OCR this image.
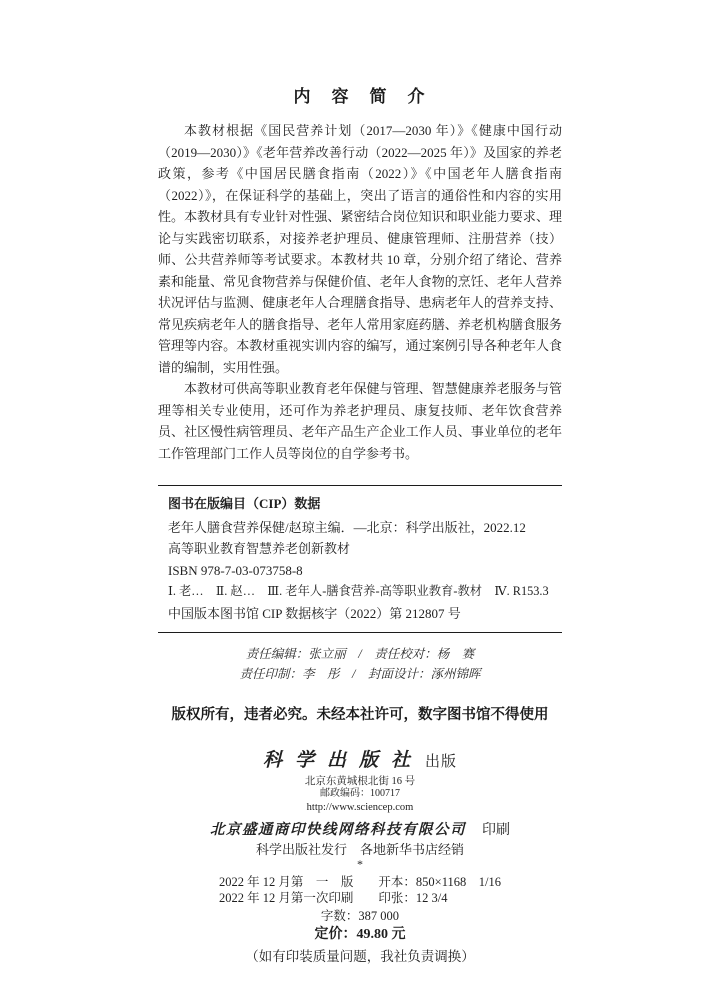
内　容　简　介

本教材根据《国民营养计划（2017—2030 年）》《健康中国行动（2019—2030）》《老年营养改善行动（2022—2025 年）》及国家的养老政策，参考《中国居民膳食指南（2022）》《中国老年人膳食指南（2022）》，在保证科学的基础上，突出了语言的通俗性和内容的实用性。本教材具有专业针对性强、紧密结合岗位知识和职业能力要求、理论与实践密切联系，对接养老护理员、健康管理师、注册营养（技）师、公共营养师等考试要求。本教材共 10 章，分别介绍了绪论、营养素和能量、常见食物营养与保健价值、老年人食物的烹饪、老年人营养状况评估与监测、健康老年人合理膳食指导、患病老年人的营养支持、常见疾病老年人的膳食指导、老年人常用家庭药膳、养老机构膳食服务管理等内容。本教材重视实训内容的编写，通过案例引导各种老年人食谱的编制，实用性强。

本教材可供高等职业教育老年保健与管理、智慧健康养老服务与管理等相关专业使用，还可作为养老护理员、康复技师、老年饮食营养员、社区慢性病管理员、老年产品生产企业工作人员、事业单位的老年工作管理部门工作人员等岗位的自学参考书。

图书在版编目（CIP）数据
老年人膳食营养保健/赵琼主编．—北京：科学出版社，2022.12
高等职业教育智慧养老创新教材
ISBN 978-7-03-073758-8
Ⅰ. 老…　Ⅱ. 赵…　Ⅲ. 老年人-膳食营养-高等职业教育-教材　Ⅳ. R153.3
中国版本图书馆 CIP 数据核字（2022）第 212807 号
责任编辑：张立丽　/　责任校对：杨　赛
责任印制：李　彤　/　封面设计：涿州锦晖
版权所有，违者必究。未经本社许可，数字图书馆不得使用
科学出版社 出版
北京东黄城根北街 16 号
邮政编码：100717
http://www.sciencep.com
北京盛通商印快线网络科技有限公司 印刷
科学出版社发行　各地新华书店经销
*
2022 年 12 月第　一　版　　开本：850×1168　1/16
2022 年 12 月第一次印刷　　印张：12 3/4
字数：387 000
定价：49.80 元
（如有印装质量问题，我社负责调换）
